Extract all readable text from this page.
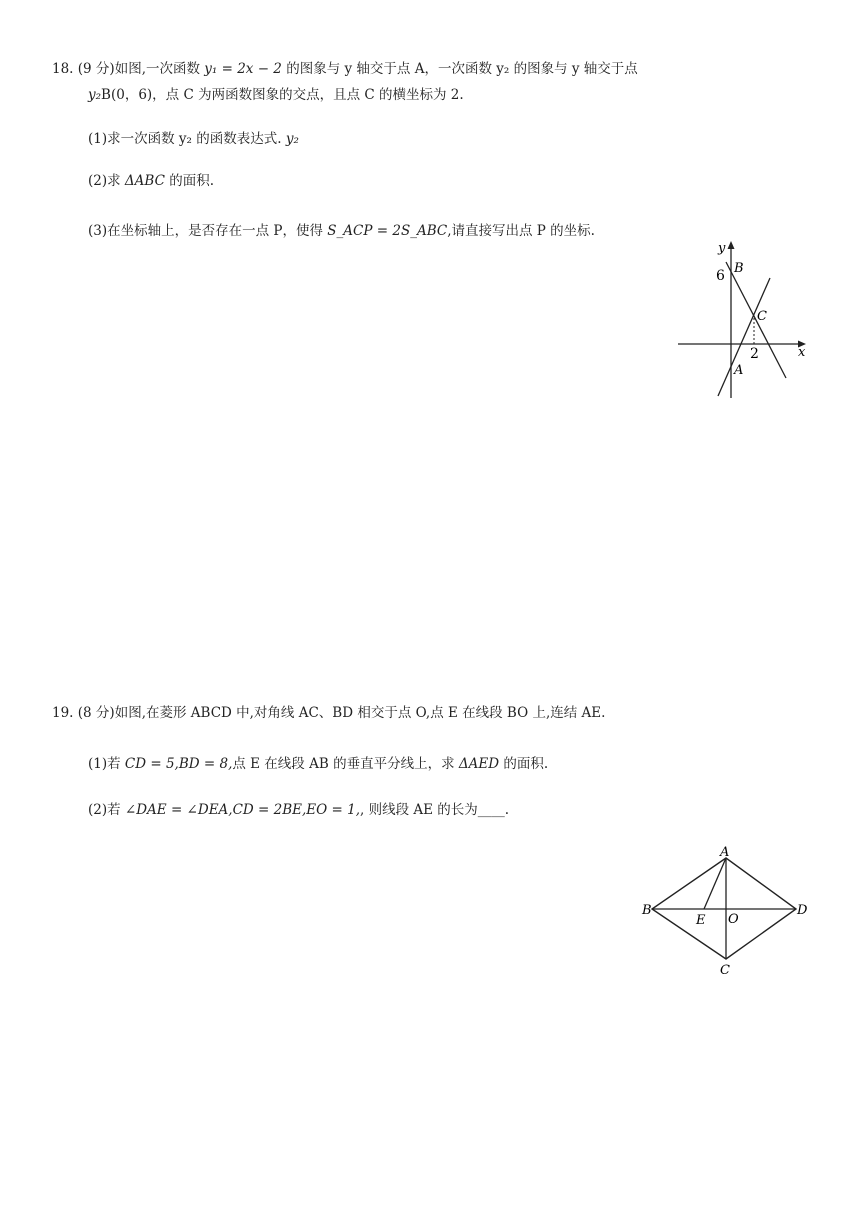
18. (9 分)如图,一次函数 y₁ = 2x − 2 的图象与 y 轴交于点 A，一次函数 y₂ 的图象与 y 轴交于点
y₂B(0，6)，点 C 为两函数图象的交点，且点 C 的横坐标为 2.
(1)求一次函数 y₂ 的函数表达式. y₂
(2)求 ΔABC 的面积.
(3)在坐标轴上，是否存在一点 P，使得 S_ACP = 2S_ABC,请直接写出点 P 的坐标.
y
6 B
C
2	x
A
19. (8 分)如图,在菱形 ABCD 中,对角线 AC、BD 相交于点 O,点 E 在线段 BO 上,连结 AE.
(1)若 CD = 5,BD = 8,点 E 在线段 AB 的垂直平分线上，求 ΔAED 的面积.
(2)若 ∠DAE = ∠DEA,CD = 2BE,EO = 1,, 则线段 AE 的长为____.
A
B
E O
D
C
